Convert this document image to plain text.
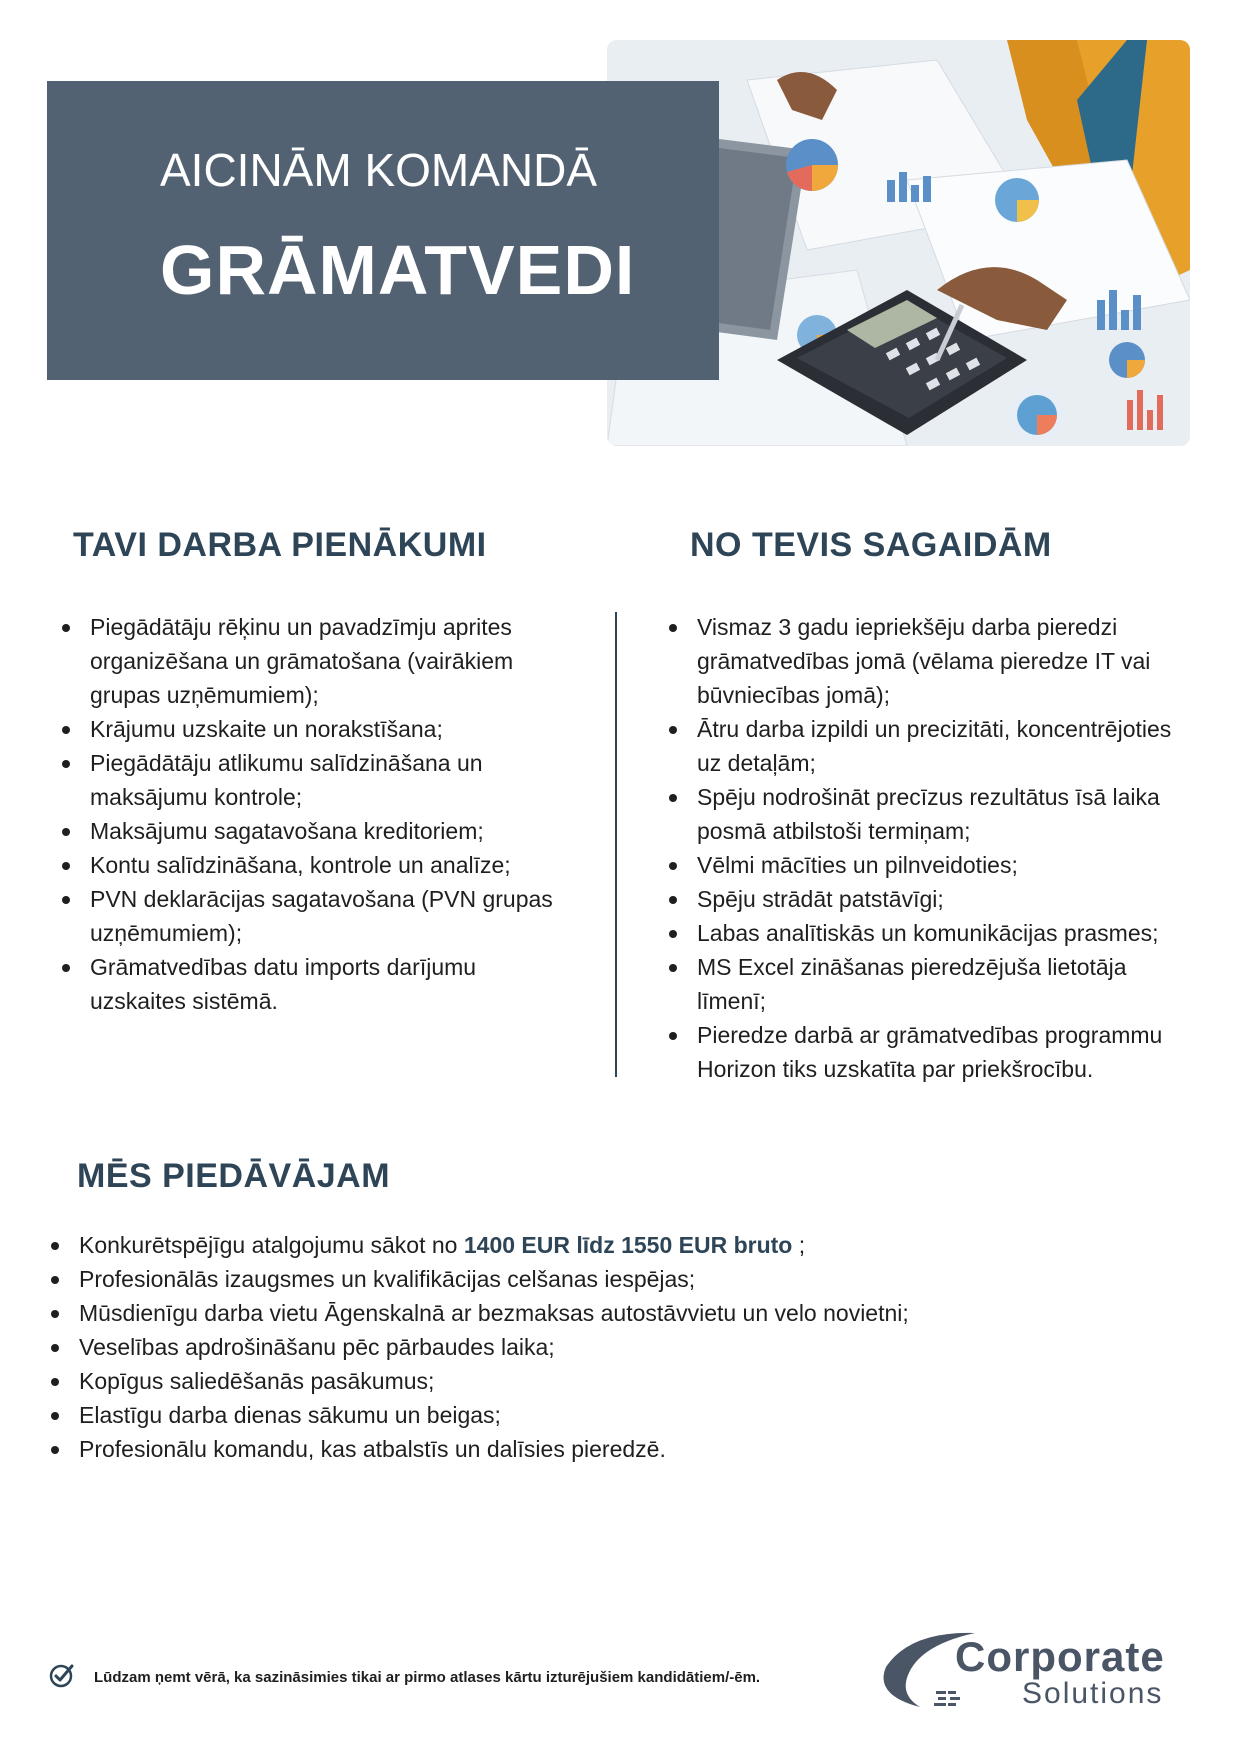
AICINĀM KOMANDĀ
GRĀMATVEDI
TAVI DARBA PIENĀKUMI
Piegādātāju rēķinu un pavadzīmju aprites organizēšana un grāmatošana (vairākiem grupas uzņēmumiem);
Krājumu uzskaite un norakstīšana;
Piegādātāju atlikumu salīdzināšana un maksājumu kontrole;
Maksājumu sagatavošana kreditoriem;
Kontu salīdzināšana, kontrole un analīze;
PVN deklarācijas sagatavošana (PVN grupas uzņēmumiem);
Grāmatvedības datu imports darījumu uzskaites sistēmā.
NO TEVIS SAGAIDĀM
Vismaz 3 gadu iepriekšēju darba pieredzi grāmatvedības jomā (vēlama pieredze IT vai būvniecības jomā);
Ātru darba izpildi un precizitāti, koncentrējoties uz detaļām;
Spēju nodrošināt precīzus rezultātus īsā laika posmā atbilstoši termiņam;
Vēlmi mācīties un pilnveidoties;
Spēju strādāt patstāvīgi;
Labas analītiskās un komunikācijas prasmes;
MS Excel zināšanas pieredzējuša lietotāja līmenī;
Pieredze darbā ar grāmatvedības programmu Horizon tiks uzskatīta par priekšrocību.
MĒS PIEDĀVĀJAM
Konkurētspējīgu atalgojumu sākot no 1400 EUR līdz 1550 EUR bruto ;
Profesionālās izaugsmes un kvalifikācijas celšanas iespējas;
Mūsdienīgu darba vietu Āgenskalnā ar bezmaksas autostāvvietu un velo novietni;
Veselības apdrošināšanu pēc pārbaudes laika;
Kopīgus saliedēšanās pasākumus;
Elastīgu darba dienas sākumu un beigas;
Profesionālu komandu, kas atbalstīs un dalīsies pieredzē.
Lūdzam ņemt vērā, ka sazināsimies tikai ar pirmo atlases kārtu izturējušiem kandidātiem/-ēm.	Corporate
Solutions
